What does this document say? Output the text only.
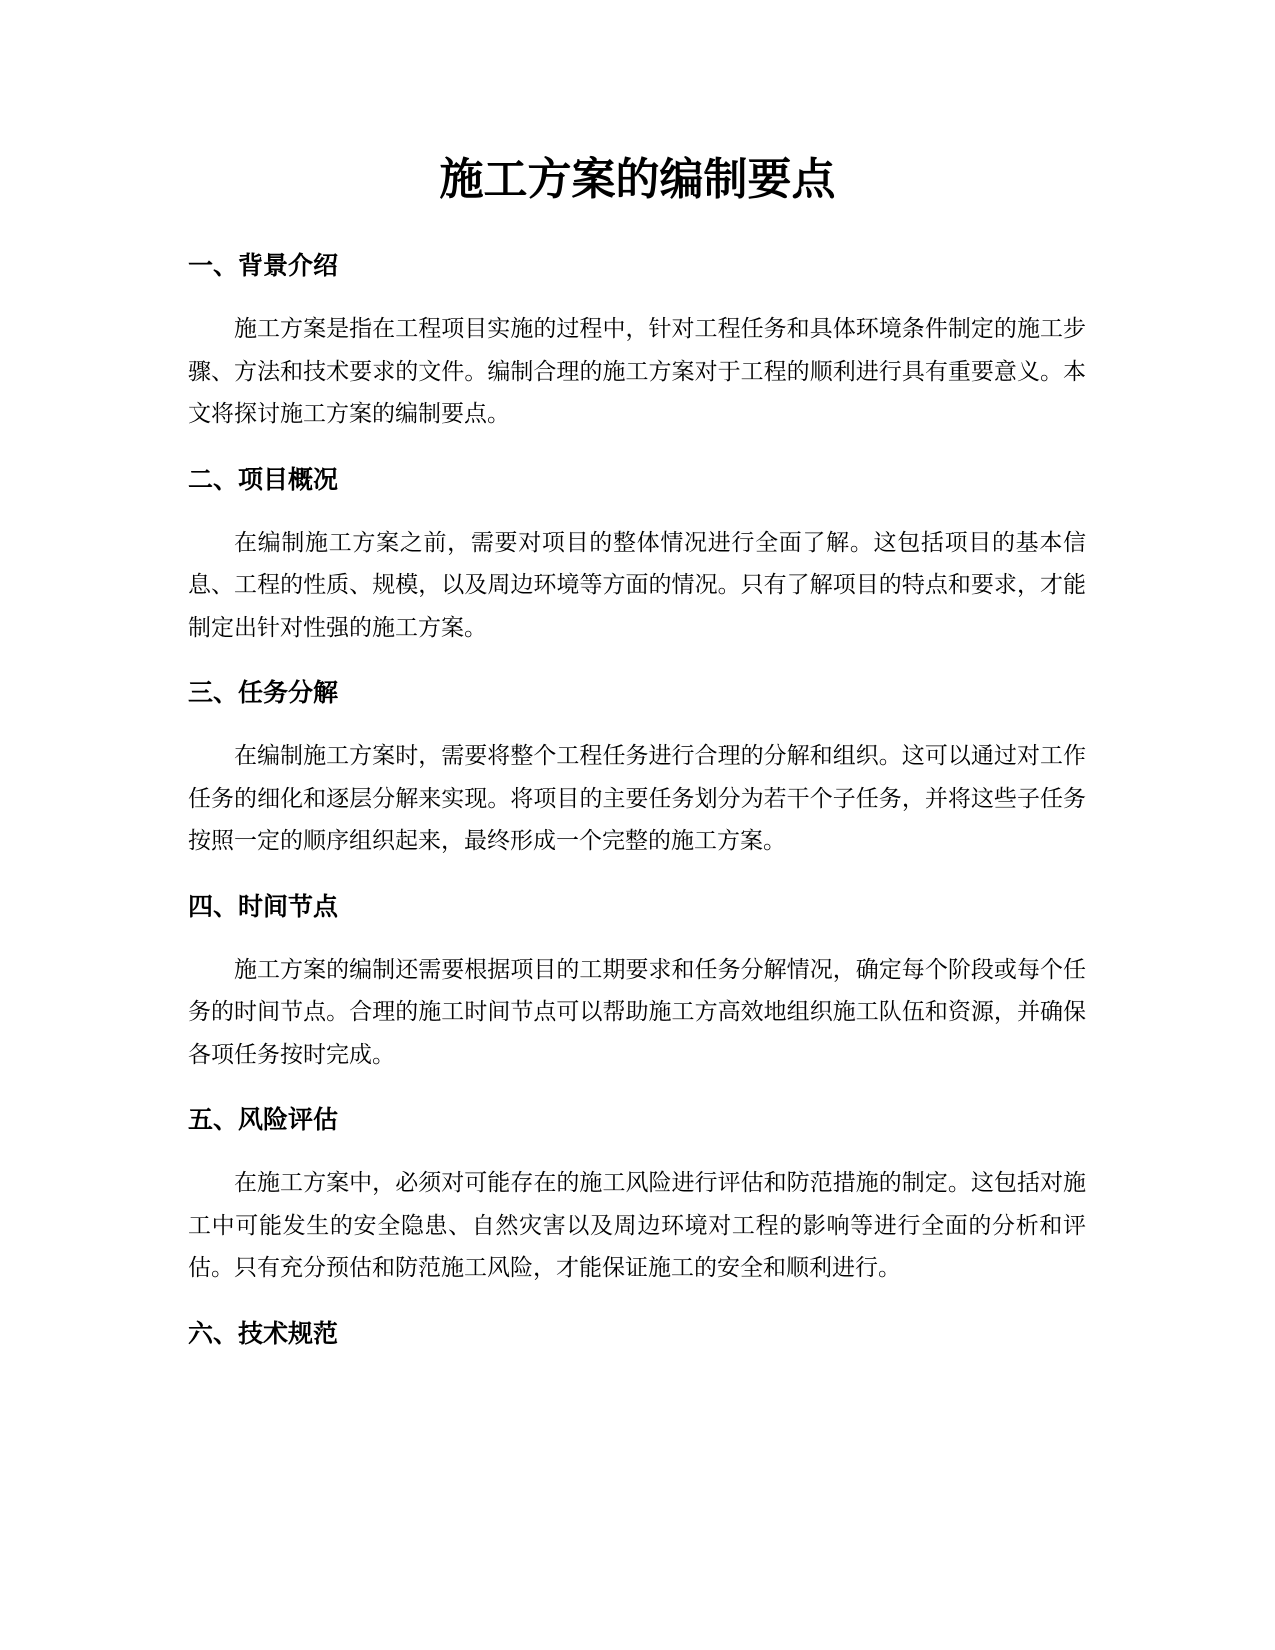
施工方案的编制要点
一、背景介绍

施工方案是指在工程项目实施的过程中，针对工程任务和具体环境条件制定的施工步骤、方法和技术要求的文件。编制合理的施工方案对于工程的顺利进行具有重要意义。本文将探讨施工方案的编制要点。

二、项目概况

在编制施工方案之前，需要对项目的整体情况进行全面了解。这包括项目的基本信息、工程的性质、规模，以及周边环境等方面的情况。只有了解项目的特点和要求，才能制定出针对性强的施工方案。

三、任务分解

在编制施工方案时，需要将整个工程任务进行合理的分解和组织。这可以通过对工作任务的细化和逐层分解来实现。将项目的主要任务划分为若干个子任务，并将这些子任务按照一定的顺序组织起来，最终形成一个完整的施工方案。

四、时间节点

施工方案的编制还需要根据项目的工期要求和任务分解情况，确定每个阶段或每个任务的时间节点。合理的施工时间节点可以帮助施工方高效地组织施工队伍和资源，并确保各项任务按时完成。

五、风险评估

在施工方案中，必须对可能存在的施工风险进行评估和防范措施的制定。这包括对施工中可能发生的安全隐患、自然灾害以及周边环境对工程的影响等进行全面的分析和评估。只有充分预估和防范施工风险，才能保证施工的安全和顺利进行。

六、技术规范
